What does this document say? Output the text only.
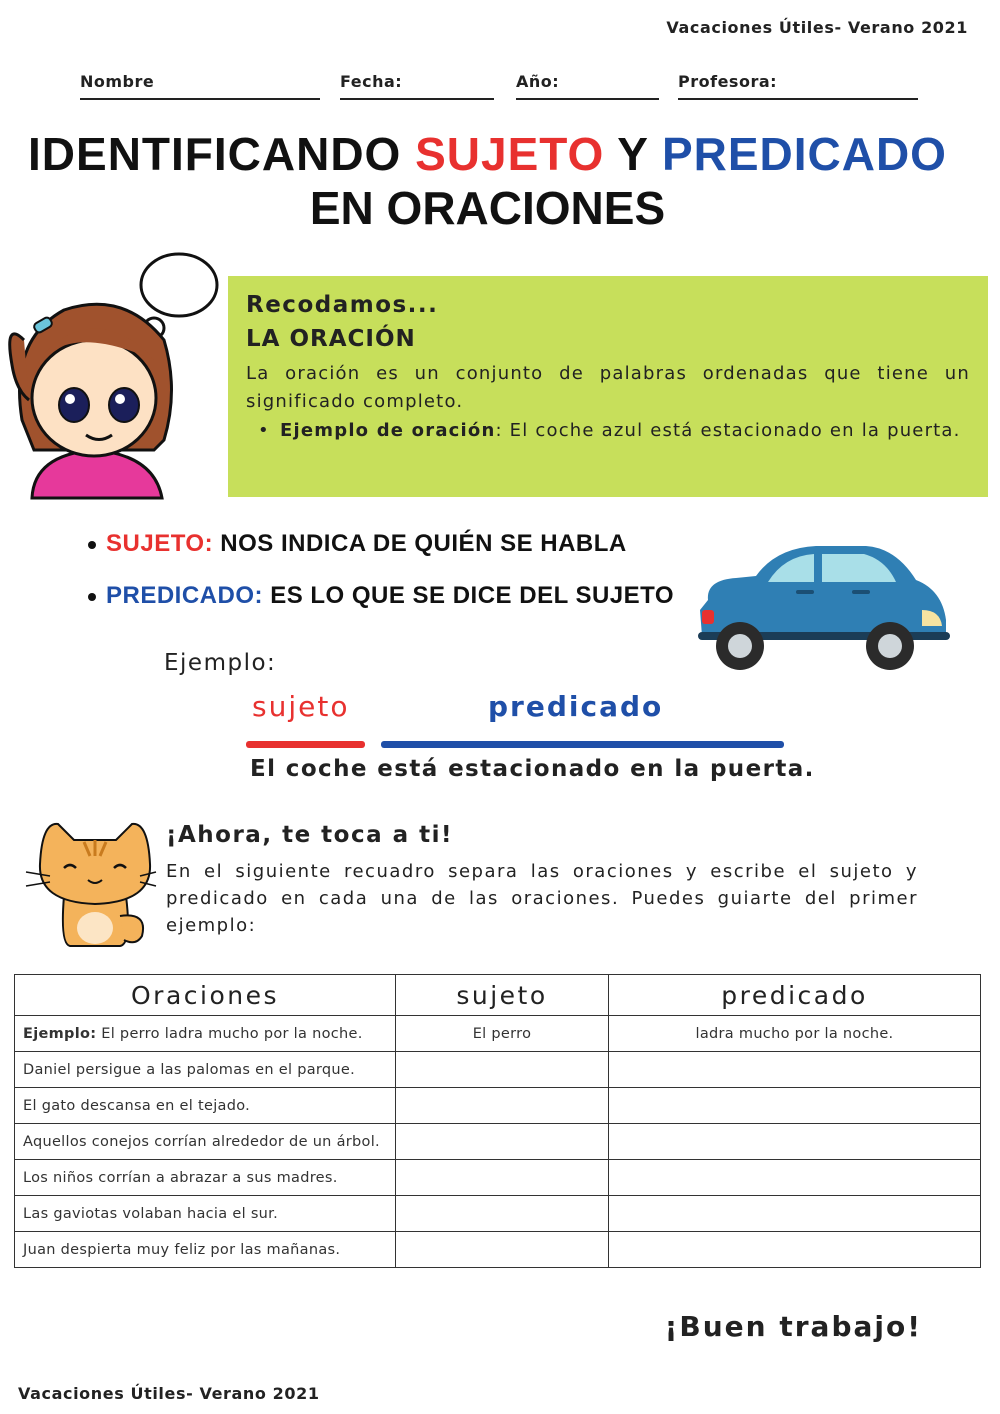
Vacaciones Útiles- Verano 2021
Nombre	Fecha:	Año:	Profesora:
IDENTIFICANDO SUJETO Y PREDICADO
EN ORACIONES
Recodamos...
LA ORACIÓN
La oración es un conjunto de palabras ordenadas que tiene un significado completo.
• Ejemplo de oración: El coche azul está estacionado en la puerta.
SUJETO: NOS INDICA DE QUIÉN SE HABLA
PREDICADO: ES LO QUE SE DICE DEL SUJETO
Ejemplo:
sujeto	predicado
El coche está estacionado en la puerta.
¡Ahora, te toca a ti!
En el siguiente recuadro separa las oraciones y escribe el sujeto y predicado en cada una de las oraciones. Puedes guiarte del primer ejemplo:
Oraciones	sujeto	predicado
Ejemplo: El perro ladra mucho por la noche.	El perro	ladra mucho por la noche.
Daniel persigue a las palomas en el parque.		
El gato descansa en el tejado.		
Aquellos conejos corrían alrededor de un árbol.		
Los niños corrían a abrazar a sus madres.		
Las gaviotas volaban hacia el sur.		
Juan despierta muy feliz por las mañanas.		
¡Buen trabajo!
Vacaciones Útiles- Verano 2021
